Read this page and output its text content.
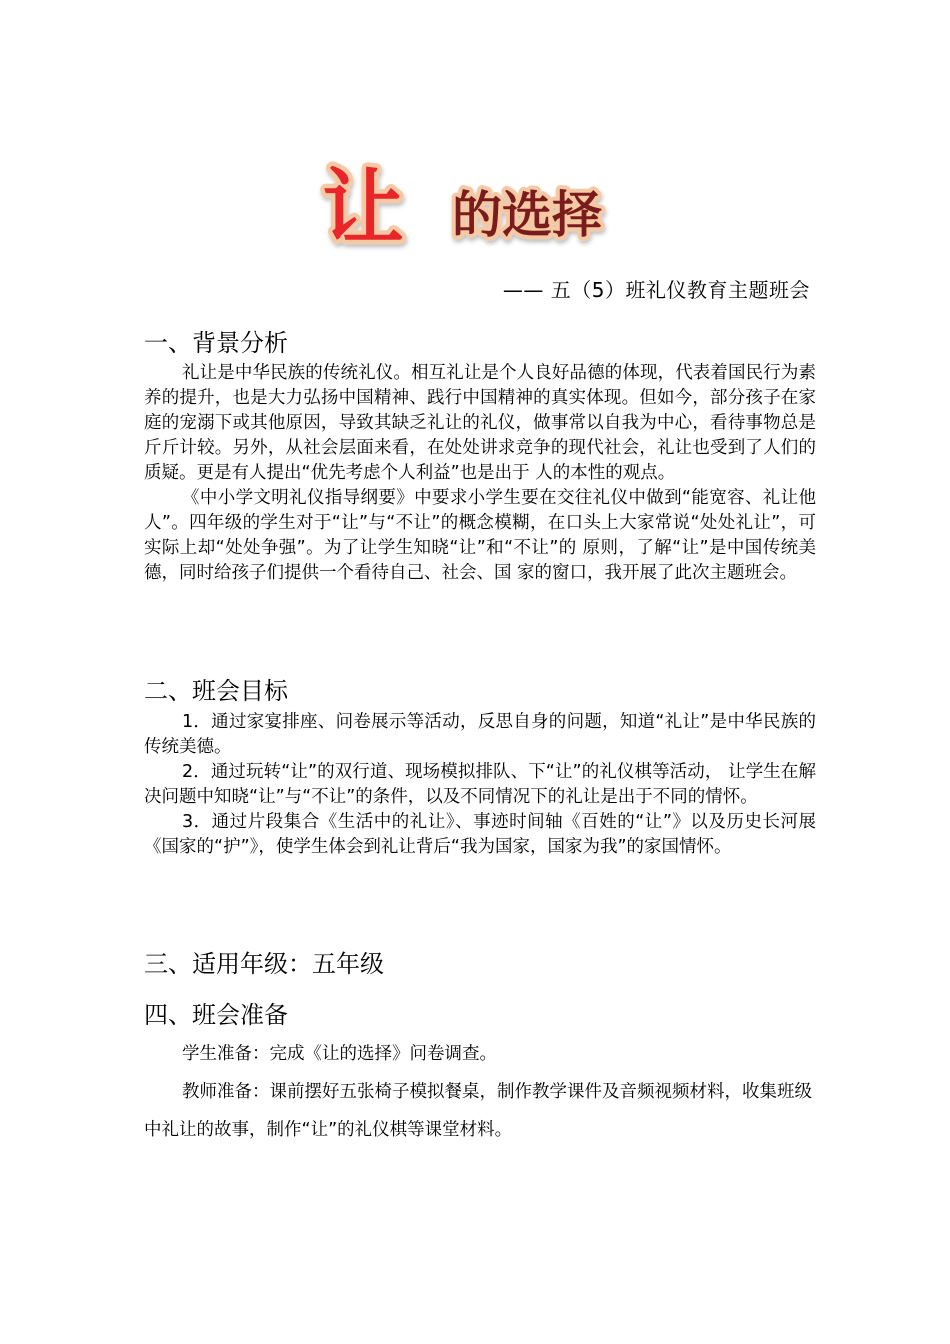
让 的选择
—— 五（5）班礼仪教育主题班会
一、背景分析

礼让是中华民族的传统礼仪。相互礼让是个人良好品德的体现，代表着国民行为素养的提升，也是大力弘扬中国精神、践行中国精神的真实体现。但如今，部分孩子在家庭的宠溺下或其他原因，导致其缺乏礼让的礼仪，做事常以自我为中心，看待事物总是斤斤计较。另外，从社会层面来看，在处处讲求竞争的现代社会，礼让也受到了人们的质疑。更是有人提出“优先考虑个人利益”也是出于 人的本性的观点。

《中小学文明礼仪指导纲要》中要求小学生要在交往礼仪中做到“能宽容、礼让他人”。四年级的学生对于“让”与“不让”的概念模糊，在口头上大家常说“处处礼让”，可实际上却“处处争强”。为了让学生知晓“让”和“不让”的 原则，了解“让”是中国传统美德，同时给孩子们提供一个看待自己、社会、国 家的窗口，我开展了此次主题班会。

二、班会目标

1．通过家宴排座、问卷展示等活动，反思自身的问题，知道“礼让”是中华民族的传统美德。

2．通过玩转“让”的双行道、现场模拟排队、下“让”的礼仪棋等活动， 让学生在解决问题中知晓“让”与“不让”的条件，以及不同情况下的礼让是出于不同的情怀。

3．通过片段集合《生活中的礼让》、事迹时间轴《百姓的“让”》以及历史长河展《国家的“护”》，使学生体会到礼让背后“我为国家，国家为我”的家国情怀。

三、适用年级：五年级
四、班会准备

学生准备：完成《让的选择》问卷调查。

教师准备：课前摆好五张椅子模拟餐桌，制作教学课件及音频视频材料，收集班级中礼让的故事，制作“让”的礼仪棋等课堂材料。
